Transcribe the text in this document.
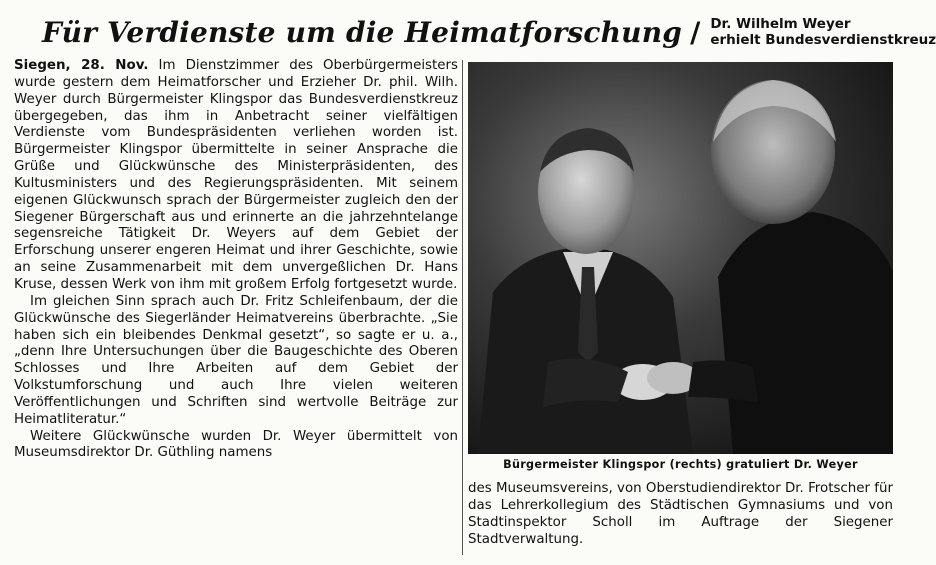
Für Verdienste um die Heimatforschung / Dr. Wilhelm Weyer
erhielt Bundesverdienstkreuz

Siegen, 28. Nov. Im Dienstzimmer des Oberbürgermeisters wurde gestern dem Heimatforscher und Erzieher Dr. phil. Wilh. Weyer durch Bürgermeister Klingspor das Bundesverdienstkreuz übergegeben, das ihm in Anbetracht seiner vielfältigen Verdienste vom Bundespräsidenten verliehen worden ist. Bürgermeister Klingspor übermittelte in seiner Ansprache die Grüße und Glückwünsche des Ministerpräsidenten, des Kultusministers und des Regierungspräsidenten. Mit seinem eigenen Glückwunsch sprach der Bürgermeister zugleich den der Siegener Bürgerschaft aus und erinnerte an die jahrzehntelange segensreiche Tätigkeit Dr. Weyers auf dem Gebiet der Erforschung unserer engeren Heimat und ihrer Geschichte, sowie an seine Zusammenarbeit mit dem unvergeßlichen Dr. Hans Kruse, dessen Werk von ihm mit großem Erfolg fortgesetzt wurde.

Im gleichen Sinn sprach auch Dr. Fritz Schleifenbaum, der die Glückwünsche des Siegerländer Heimatvereins überbrachte. „Sie haben sich ein bleibendes Denkmal gesetzt“, so sagte er u. a., „denn Ihre Untersuchungen über die Baugeschichte des Oberen Schlosses und Ihre Arbeiten auf dem Gebiet der Volkstumforschung und auch Ihre vielen weiteren Veröffentlichungen und Schriften sind wertvolle Beiträge zur Heimatliteratur.“

Weitere Glückwünsche wurden Dr. Weyer übermittelt von Museumsdirektor Dr. Güthling namens

Bürgermeister Klingspor (rechts) gratuliert Dr. Weyer

des Museumsvereins, von Oberstudiendirektor Dr. Frotscher für das Lehrerkollegium des Städtischen Gymnasiums und von Stadtinspektor Scholl im Auftrage der Siegener Stadtverwaltung.
